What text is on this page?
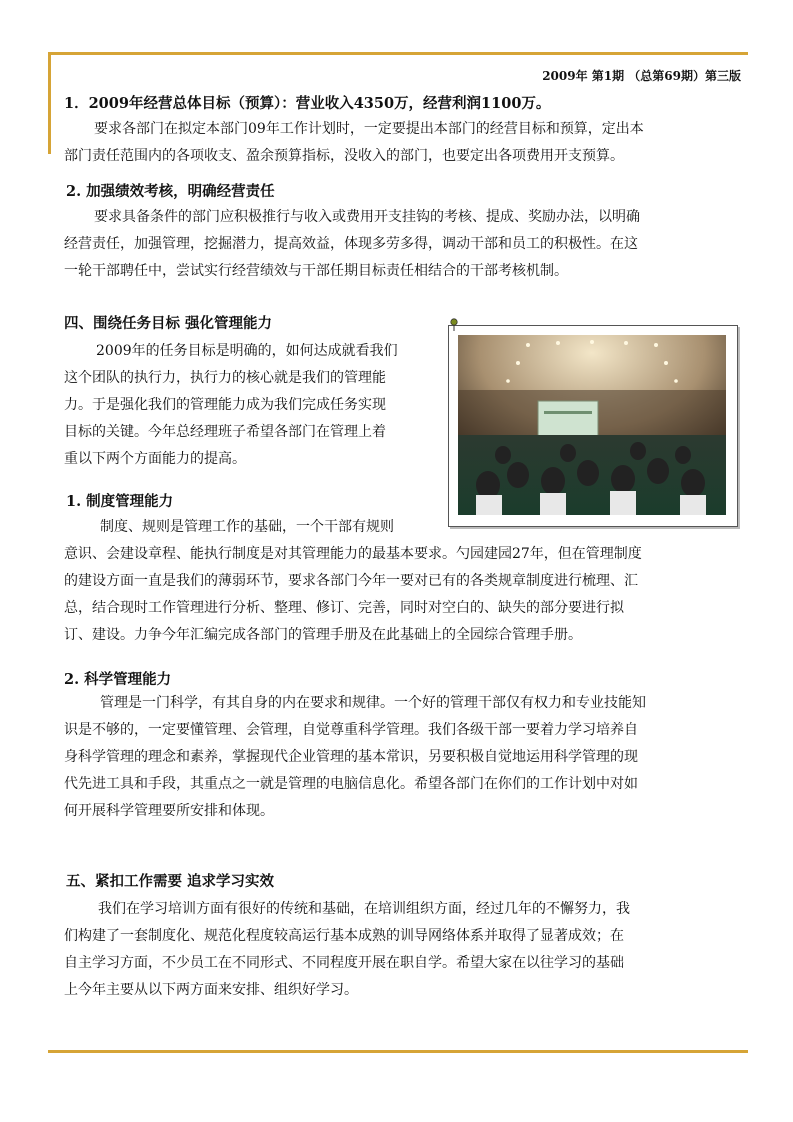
2009年 第1期 （总第69期）第三版
1．2009年经营总体目标（预算）：营业收入4350万，经营利润1100万。
要求各部门在拟定本部门09年工作计划时，一定要提出本部门的经营目标和预算，定出本
部门责任范围内的各项收支、盈余预算指标，没收入的部门，也要定出各项费用开支预算。
2. 加强绩效考核，明确经营责任
要求具备条件的部门应积极推行与收入或费用开支挂钩的考核、提成、奖励办法，以明确
经营责任，加强管理，挖掘潜力，提高效益，体现多劳多得，调动干部和员工的积极性。在这
一轮干部聘任中，尝试实行经营绩效与干部任期目标责任相结合的干部考核机制。
四、围绕任务目标 强化管理能力
2009年的任务目标是明确的，如何达成就看我们
这个团队的执行力，执行力的核心就是我们的管理能
力。于是强化我们的管理能力成为我们完成任务实现
目标的关键。今年总经理班子希望各部门在管理上着
重以下两个方面能力的提高。
1. 制度管理能力
制度、规则是管理工作的基础，一个干部有规则
意识、会建设章程、能执行制度是对其管理能力的最基本要求。勺园建园27年，但在管理制度
的建设方面一直是我们的薄弱环节，要求各部门今年一要对已有的各类规章制度进行梳理、汇
总，结合现时工作管理进行分析、整理、修订、完善，同时对空白的、缺失的部分要进行拟
订、建设。力争今年汇编完成各部门的管理手册及在此基础上的全园综合管理手册。
2. 科学管理能力
管理是一门科学，有其自身的内在要求和规律。一个好的管理干部仅有权力和专业技能知
识是不够的，一定要懂管理、会管理，自觉尊重科学管理。我们各级干部一要着力学习培养自
身科学管理的理念和素养，掌握现代企业管理的基本常识，另要积极自觉地运用科学管理的现
代先进工具和手段，其重点之一就是管理的电脑信息化。希望各部门在你们的工作计划中对如
何开展科学管理要所安排和体现。
五、紧扣工作需要 追求学习实效
我们在学习培训方面有很好的传统和基础，在培训组织方面，经过几年的不懈努力，我
们构建了一套制度化、规范化程度较高运行基本成熟的训导网络体系并取得了显著成效；在
自主学习方面，不少员工在不同形式、不同程度开展在职自学。希望大家在以往学习的基础
上今年主要从以下两方面来安排、组织好学习。
